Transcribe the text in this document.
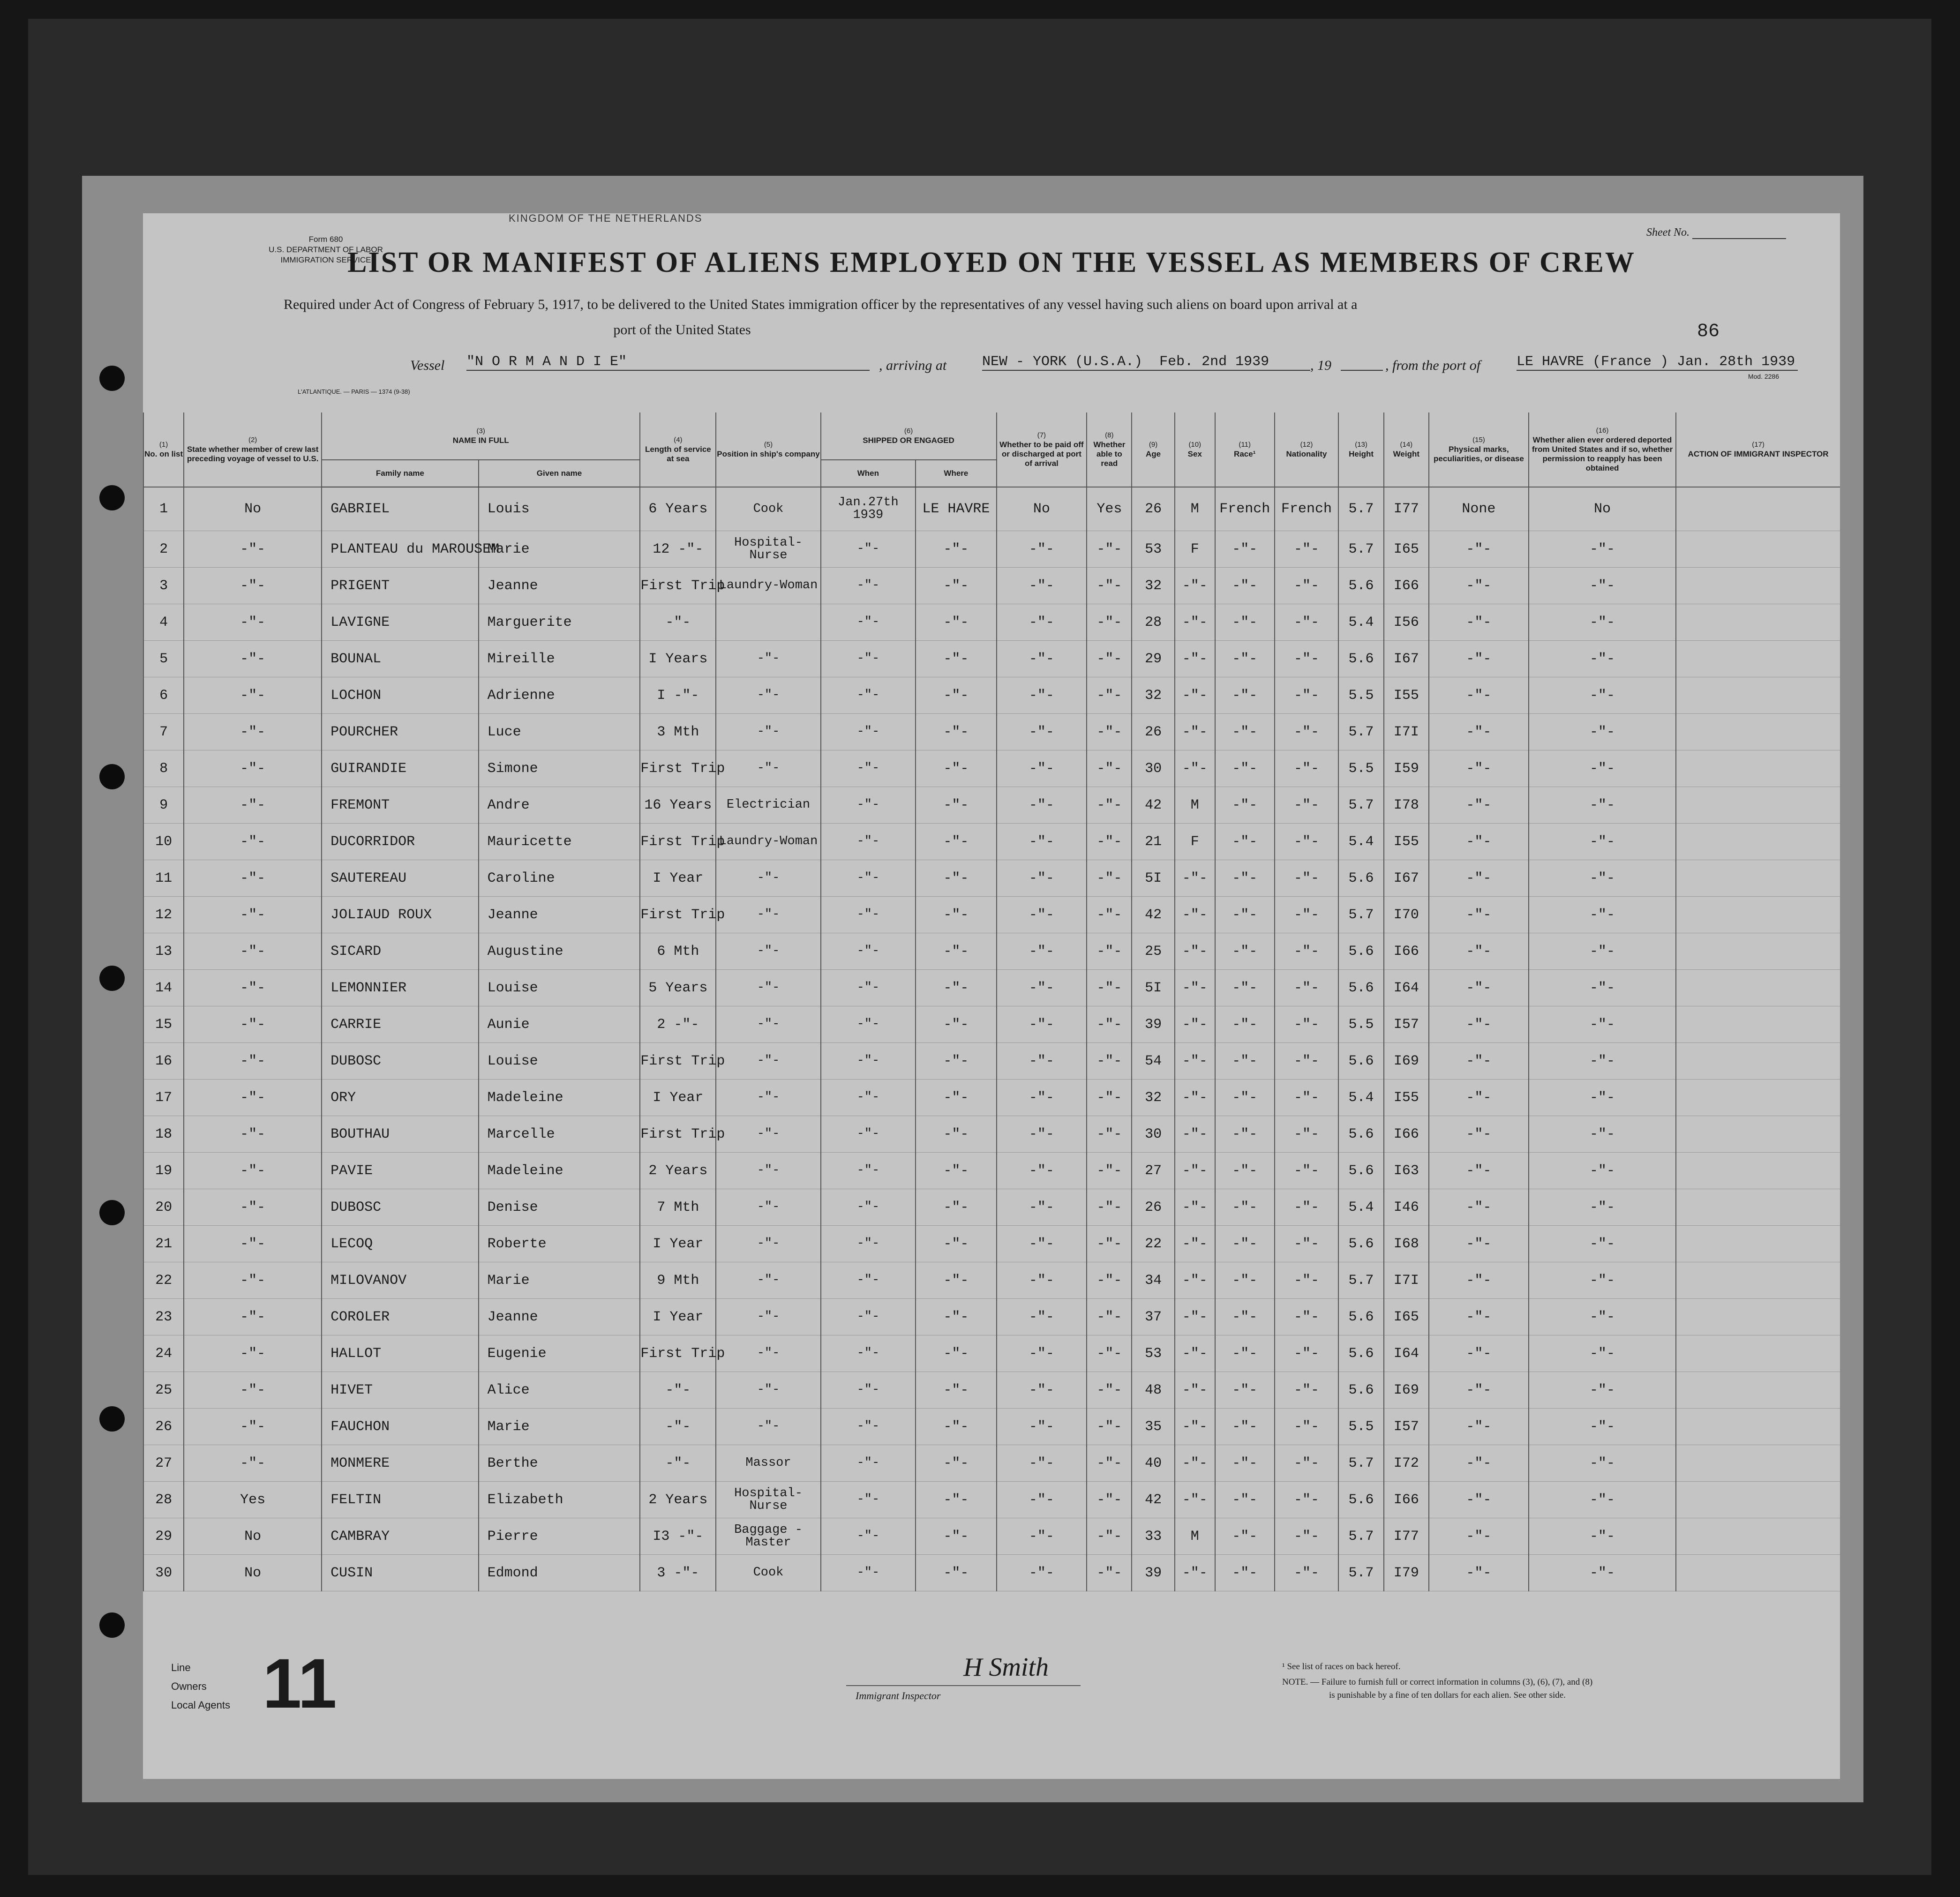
KINGDOM OF THE NETHERLANDS
Form 680
U.S. DEPARTMENT OF LABOR
IMMIGRATION SERVICE
Sheet No.
LIST OR MANIFEST OF ALIENS EMPLOYED ON THE VESSEL AS MEMBERS OF CREW
Required under Act of Congress of February 5, 1917, to be delivered to the United States immigration officer by the representatives of any vessel having such aliens on board upon arrival at a
port of the United States	86
Vessel "N O R M A N D I E"	, arriving at	NEW - YORK (U.S.A.) Feb. 2nd 1939	, 19
	, from the port of	LE HAVRE (France ) Jan. 28th 1939
L'ATLANTIQUE. — PARIS — 1374 (9-38)
Mod. 2286
(1)
No. on list	(2)
State whether member of crew last preceding voyage of vessel to U.S.	(3)
NAME IN FULL		(4)
Length of service at sea	(5)
Position in ship's company	(6)
SHIPPED OR ENGAGED		(7)
Whether to be paid off or discharged at port of arrival	(8)
Whether able to read	(9)
Age	(10)
Sex	(11)
Race¹	(12)
Nationality	(13)
Height	(14)
Weight	(15)
Physical marks, peculiarities, or disease	(16)
Whether alien ever ordered deported from United States and if so, whether permission to reapply has been obtained	(17)
ACTION OF IMMIGRANT INSPECTOR
		Family name	Given name			When	Where											
1	No	GABRIEL	Louis	6 Years	Cook	Jan.27th 1939	LE HAVRE	No	Yes	26	M	French	French	5.7	I77	None	No	
2	-"-	PLANTEAU du MAROUSEM	Marie	12 -"-	Hospital-Nurse	-"-	-"-	-"-	-"-	53	F	-"-	-"-	5.7	I65	-"-	-"-	
3	-"-	PRIGENT	Jeanne	First Trip	Laundry-Woman	-"-	-"-	-"-	-"-	32	-"-	-"-	-"-	5.6	I66	-"-	-"-	
4	-"-	LAVIGNE	Marguerite	-"-		-"-	-"-	-"-	-"-	28	-"-	-"-	-"-	5.4	I56	-"-	-"-	
5	-"-	BOUNAL	Mireille	I Years	-"-	-"-	-"-	-"-	-"-	29	-"-	-"-	-"-	5.6	I67	-"-	-"-	
6	-"-	LOCHON	Adrienne	I -"-	-"-	-"-	-"-	-"-	-"-	32	-"-	-"-	-"-	5.5	I55	-"-	-"-	
7	-"-	POURCHER	Luce	3 Mth	-"-	-"-	-"-	-"-	-"-	26	-"-	-"-	-"-	5.7	I7I	-"-	-"-	
8	-"-	GUIRANDIE	Simone	First Trip	-"-	-"-	-"-	-"-	-"-	30	-"-	-"-	-"-	5.5	I59	-"-	-"-	
9	-"-	FREMONT	Andre	16 Years	Electrician	-"-	-"-	-"-	-"-	42	M	-"-	-"-	5.7	I78	-"-	-"-	
10	-"-	DUCORRIDOR	Mauricette	First Trip	Laundry-Woman	-"-	-"-	-"-	-"-	21	F	-"-	-"-	5.4	I55	-"-	-"-	
11	-"-	SAUTEREAU	Caroline	I Year	-"-	-"-	-"-	-"-	-"-	5I	-"-	-"-	-"-	5.6	I67	-"-	-"-	
12	-"-	JOLIAUD ROUX	Jeanne	First Trip	-"-	-"-	-"-	-"-	-"-	42	-"-	-"-	-"-	5.7	I70	-"-	-"-	
13	-"-	SICARD	Augustine	6 Mth	-"-	-"-	-"-	-"-	-"-	25	-"-	-"-	-"-	5.6	I66	-"-	-"-	
14	-"-	LEMONNIER	Louise	5 Years	-"-	-"-	-"-	-"-	-"-	5I	-"-	-"-	-"-	5.6	I64	-"-	-"-	
15	-"-	CARRIE	Aunie	2 -"-	-"-	-"-	-"-	-"-	-"-	39	-"-	-"-	-"-	5.5	I57	-"-	-"-	
16	-"-	DUBOSC	Louise	First Trip	-"-	-"-	-"-	-"-	-"-	54	-"-	-"-	-"-	5.6	I69	-"-	-"-	
17	-"-	ORY	Madeleine	I Year	-"-	-"-	-"-	-"-	-"-	32	-"-	-"-	-"-	5.4	I55	-"-	-"-	
18	-"-	BOUTHAU	Marcelle	First Trip	-"-	-"-	-"-	-"-	-"-	30	-"-	-"-	-"-	5.6	I66	-"-	-"-	
19	-"-	PAVIE	Madeleine	2 Years	-"-	-"-	-"-	-"-	-"-	27	-"-	-"-	-"-	5.6	I63	-"-	-"-	
20	-"-	DUBOSC	Denise	7 Mth	-"-	-"-	-"-	-"-	-"-	26	-"-	-"-	-"-	5.4	I46	-"-	-"-	
21	-"-	LECOQ	Roberte	I Year	-"-	-"-	-"-	-"-	-"-	22	-"-	-"-	-"-	5.6	I68	-"-	-"-	
22	-"-	MILOVANOV	Marie	9 Mth	-"-	-"-	-"-	-"-	-"-	34	-"-	-"-	-"-	5.7	I7I	-"-	-"-	
23	-"-	COROLER	Jeanne	I Year	-"-	-"-	-"-	-"-	-"-	37	-"-	-"-	-"-	5.6	I65	-"-	-"-	
24	-"-	HALLOT	Eugenie	First Trip	-"-	-"-	-"-	-"-	-"-	53	-"-	-"-	-"-	5.6	I64	-"-	-"-	
25	-"-	HIVET	Alice	-"-	-"-	-"-	-"-	-"-	-"-	48	-"-	-"-	-"-	5.6	I69	-"-	-"-	
26	-"-	FAUCHON	Marie	-"-	-"-	-"-	-"-	-"-	-"-	35	-"-	-"-	-"-	5.5	I57	-"-	-"-	
27	-"-	MONMERE	Berthe	-"-	Massor	-"-	-"-	-"-	-"-	40	-"-	-"-	-"-	5.7	I72	-"-	-"-	
28	Yes	FELTIN	Elizabeth	2 Years	Hospital-Nurse	-"-	-"-	-"-	-"-	42	-"-	-"-	-"-	5.6	I66	-"-	-"-	
29	No	CAMBRAY	Pierre	I3 -"-	Baggage - Master	-"-	-"-	-"-	-"-	33	M	-"-	-"-	5.7	I77	-"-	-"-	
30	No	CUSIN	Edmond	3 -"-	Cook	-"-	-"-	-"-	-"-	39	-"-	-"-	-"-	5.7	I79	-"-	-"-	
Line
Owners
Local Agents 11	H Smith
Immigrant Inspector
¹ See list of races on back hereof.
NOTE. — Failure to furnish full or correct information in columns (3), (6), (7), and (8)
is punishable by a fine of ten dollars for each alien. See other side.
